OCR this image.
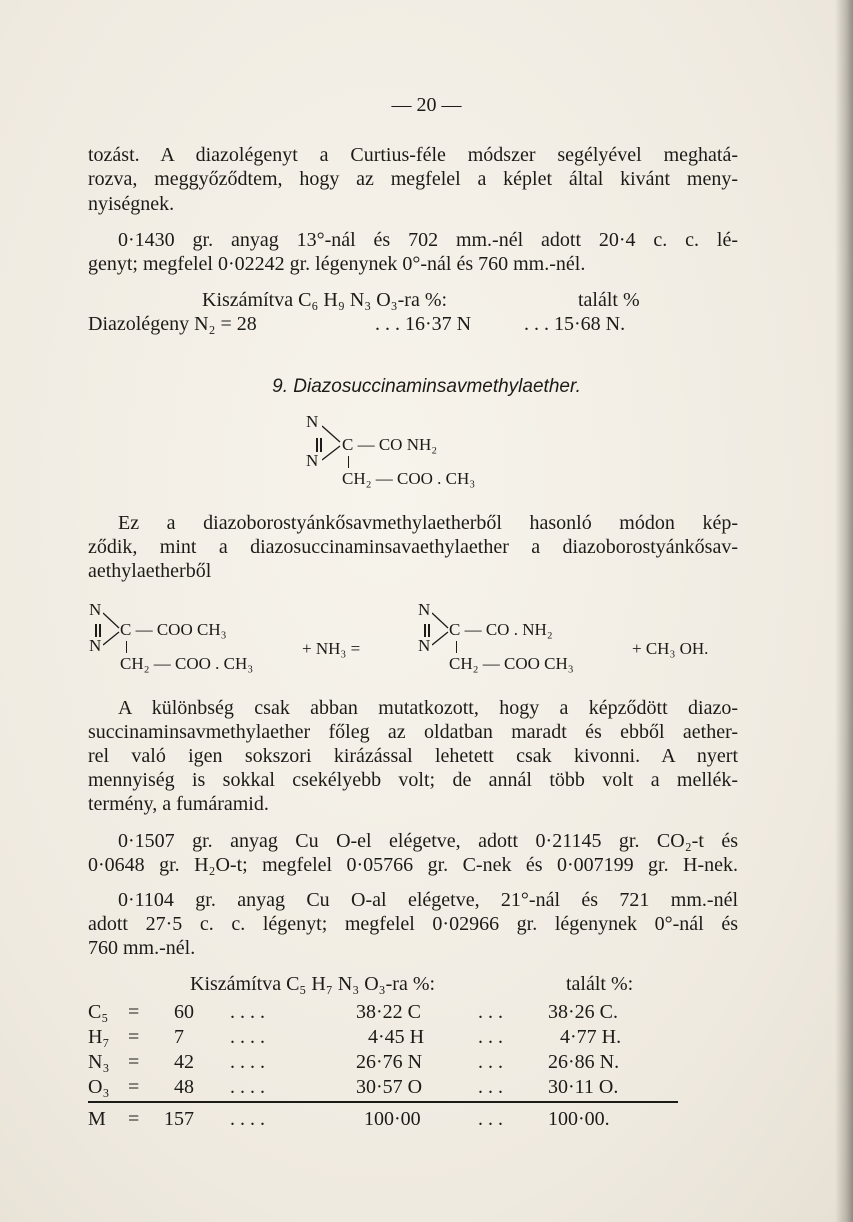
— 20 —
tozást. A diazolégenyt a Curtius-féle módszer segélyével meghatá-
rozva, meggyőződtem, hogy az megfelel a képlet által kivánt meny-
nyiségnek.
0·1430 gr. anyag 13°-nál és 702 mm.-nél adott 20·4 c. c. lé-
genyt; megfelel 0·02242 gr. légenynek 0°-nál és 760 mm.-nél.
Kiszámítva C₆ H₉ N₃ O₃-ra %:	talált %
Diazolégeny N₂ = 28	. . . 16·37 N	. . . 15·68 N.
9. Diazosuccinaminsavmethylaether.
N
N
C — CO NH₂
CH₂ — COO . CH₃
Ez a diazoborostyánkősavmethylaetherből hasonló módon kép-
ződik, mint a diazosuccinaminsavaethylaether a diazoborostyánkősav-
aethylaetherből
N
N
C — COO CH₃
CH₂ — COO . CH₃
+ NH₃ =
N
N
C — CO . NH₂
CH₂ — COO CH₃
+ CH₃ OH.
A különbség csak abban mutatkozott, hogy a képződött diazo-
succinaminsavmethylaether főleg az oldatban maradt és ebből aether-
rel való igen sokszori kirázással lehetett csak kivonni. A nyert
mennyiség is sokkal csekélyebb volt; de annál több volt a mellék-
termény, a fumáramid.
0·1507 gr. anyag Cu O-el elégetve, adott 0·21145 gr. CO₂-t és
0·0648 gr. H₂O-t; megfelel 0·05766 gr. C-nek és 0·007199 gr. H-nek.
0·1104 gr. anyag Cu O-al elégetve, 21°-nál és 721 mm.-nél
adott 27·5 c. c. légenyt; megfelel 0·02966 gr. légenynek 0°-nál és
760 mm.-nél.
Kiszámítva C₅ H₇ N₃ O₃-ra %:	talált %:
C₅ = 60 . . . .	38·22 C	. . . 38·26 C.
H₇ = 7 . . . .	4·45 H	. . .	4·77 H.
N₃ = 42 . . . .	26·76 N	. . . 26·86 N.
O₃ = 48 . . . .	30·57 O	. . . 30·11 O.
M = 157 . . . .	100·00	. . . 100·00.
